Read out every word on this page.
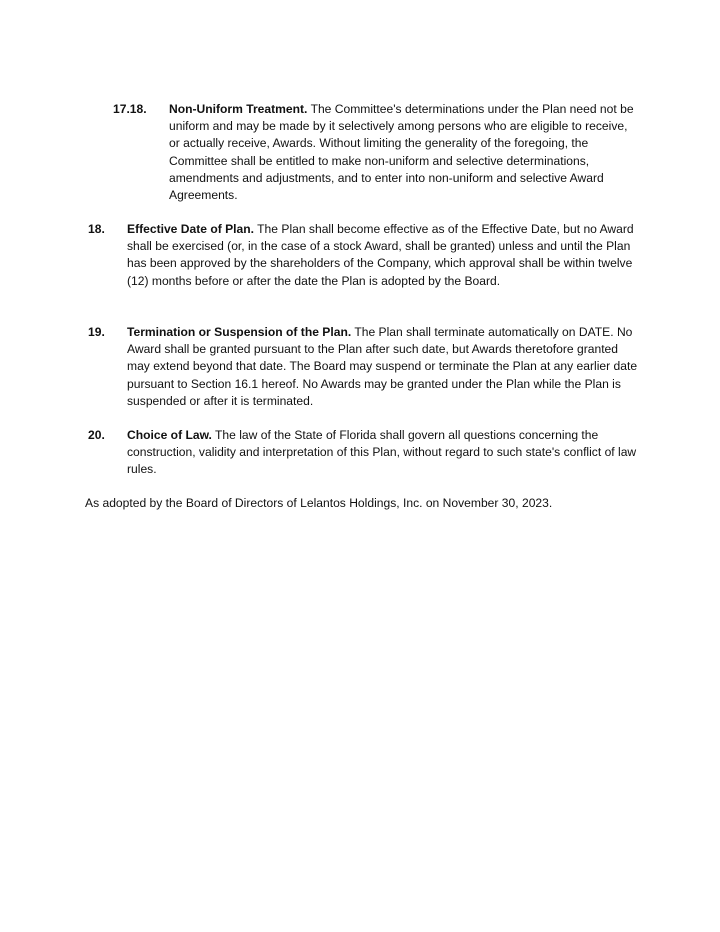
17.18. Non-Uniform Treatment. The Committee's determinations under the Plan need not be uniform and may be made by it selectively among persons who are eligible to receive, or actually receive, Awards. Without limiting the generality of the foregoing, the Committee shall be entitled to make non-uniform and selective determinations, amendments and adjustments, and to enter into non-uniform and selective Award Agreements.
18. Effective Date of Plan. The Plan shall become effective as of the Effective Date, but no Award shall be exercised (or, in the case of a stock Award, shall be granted) unless and until the Plan has been approved by the shareholders of the Company, which approval shall be within twelve (12) months before or after the date the Plan is adopted by the Board.
19. Termination or Suspension of the Plan. The Plan shall terminate automatically on DATE. No Award shall be granted pursuant to the Plan after such date, but Awards theretofore granted may extend beyond that date. The Board may suspend or terminate the Plan at any earlier date pursuant to Section 16.1 hereof. No Awards may be granted under the Plan while the Plan is suspended or after it is terminated.
20. Choice of Law. The law of the State of Florida shall govern all questions concerning the construction, validity and interpretation of this Plan, without regard to such state's conflict of law rules.
As adopted by the Board of Directors of Lelantos Holdings, Inc. on November 30, 2023.
